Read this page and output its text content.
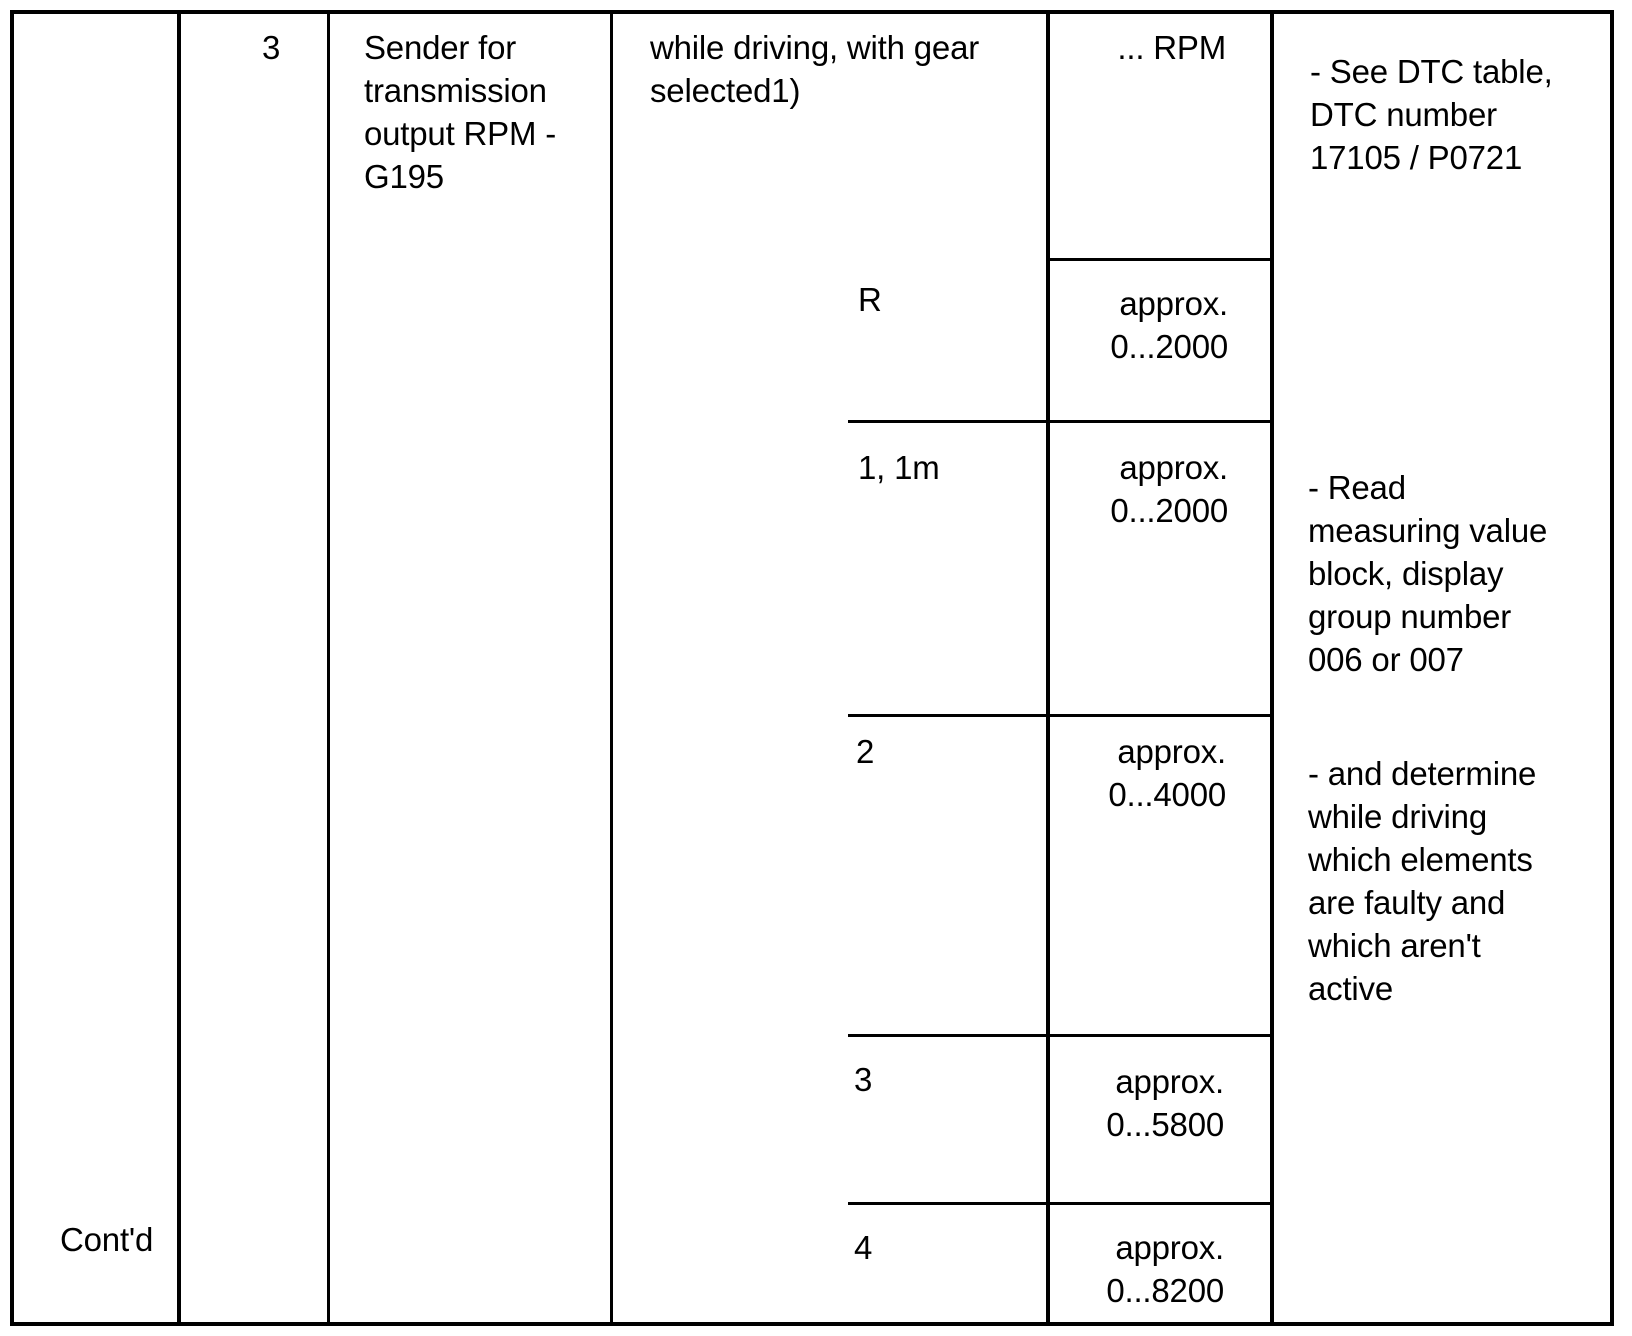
Cont'd
3	Sender for
transmission
output RPM -
G195
while driving, with gear
selected1)
... RPM
R
1, 1m
2
3
4
approx.
0...2000
approx.
0...2000
approx.
0...4000
approx.
0...5800
approx.
0...8200
- See DTC table,
DTC number
17105 / P0721
- Read
measuring value
block, display
group number
006 or 007
- and determine
while driving
which elements
are faulty and
which aren't
active
